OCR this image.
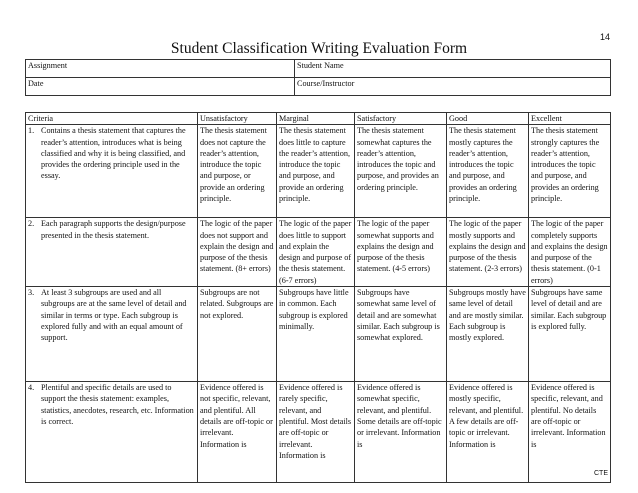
14
Student Classification Writing Evaluation Form
Assignment	Student Name
Date	Course/Instructor
Criteria	Unsatisfactory	Marginal	Satisfactory	Good	Excellent

1. Contains a thesis statement that captures the reader’s attention, introduces what is being classified and why it is being classified, and provides the ordering principle used in the essay.	The thesis statement does not capture the reader’s attention, introduce the topic and purpose, or provide an ordering principle.	The thesis statement does little to capture the reader’s attention, introduce the topic and purpose, and provide an ordering principle.	The thesis statement somewhat captures the reader’s attention, introduces the topic and purpose, and provides an ordering principle.	The thesis statement mostly captures the reader’s attention, introduces the topic and purpose, and provides an ordering principle.	The thesis statement strongly captures the reader’s attention, introduces the topic and purpose, and provides an ordering principle.

2. Each paragraph supports the design/purpose presented in the thesis statement.	The logic of the paper does not support and explain the design and purpose of the thesis statement. (8+ errors)	The logic of the paper does little to support and explain the design and purpose of the thesis statement. (6-7 errors)	The logic of the paper somewhat supports and explains the design and purpose of the thesis statement. (4-5 errors)	The logic of the paper mostly supports and explains the design and purpose of the thesis statement. (2-3 errors)	The logic of the paper completely supports and explains the design and purpose of the thesis statement. (0-1 errors)

3. At least 3 subgroups are used and all subgroups are at the same level of detail and similar in terms or type. Each subgroup is explored fully and with an equal amount of support.	Subgroups are not related. Subgroups are not explored.	Subgroups have little in common. Each subgroup is explored minimally.	Subgroups have somewhat same level of detail and are somewhat similar. Each subgroup is somewhat explored.	Subgroups mostly have same level of detail and are mostly similar. Each subgroup is mostly explored.	Subgroups have same level of detail and are similar. Each subgroup is explored fully.

4. Plentiful and specific details are used to support the thesis statement: examples, statistics, anecdotes, research, etc. Information is correct.	Evidence offered is not specific, relevant, and plentiful. All details are off-topic or irrelevant. Information is	Evidence offered is rarely specific, relevant, and plentiful. Most details are off-topic or irrelevant. Information is	Evidence offered is somewhat specific, relevant, and plentiful. Some details are off-topic or irrelevant. Information is	Evidence offered is mostly specific, relevant, and plentiful. A few details are off-topic or irrelevant. Information is	Evidence offered is specific, relevant, and plentiful. No details are off-topic or irrelevant. Information is
CTE
